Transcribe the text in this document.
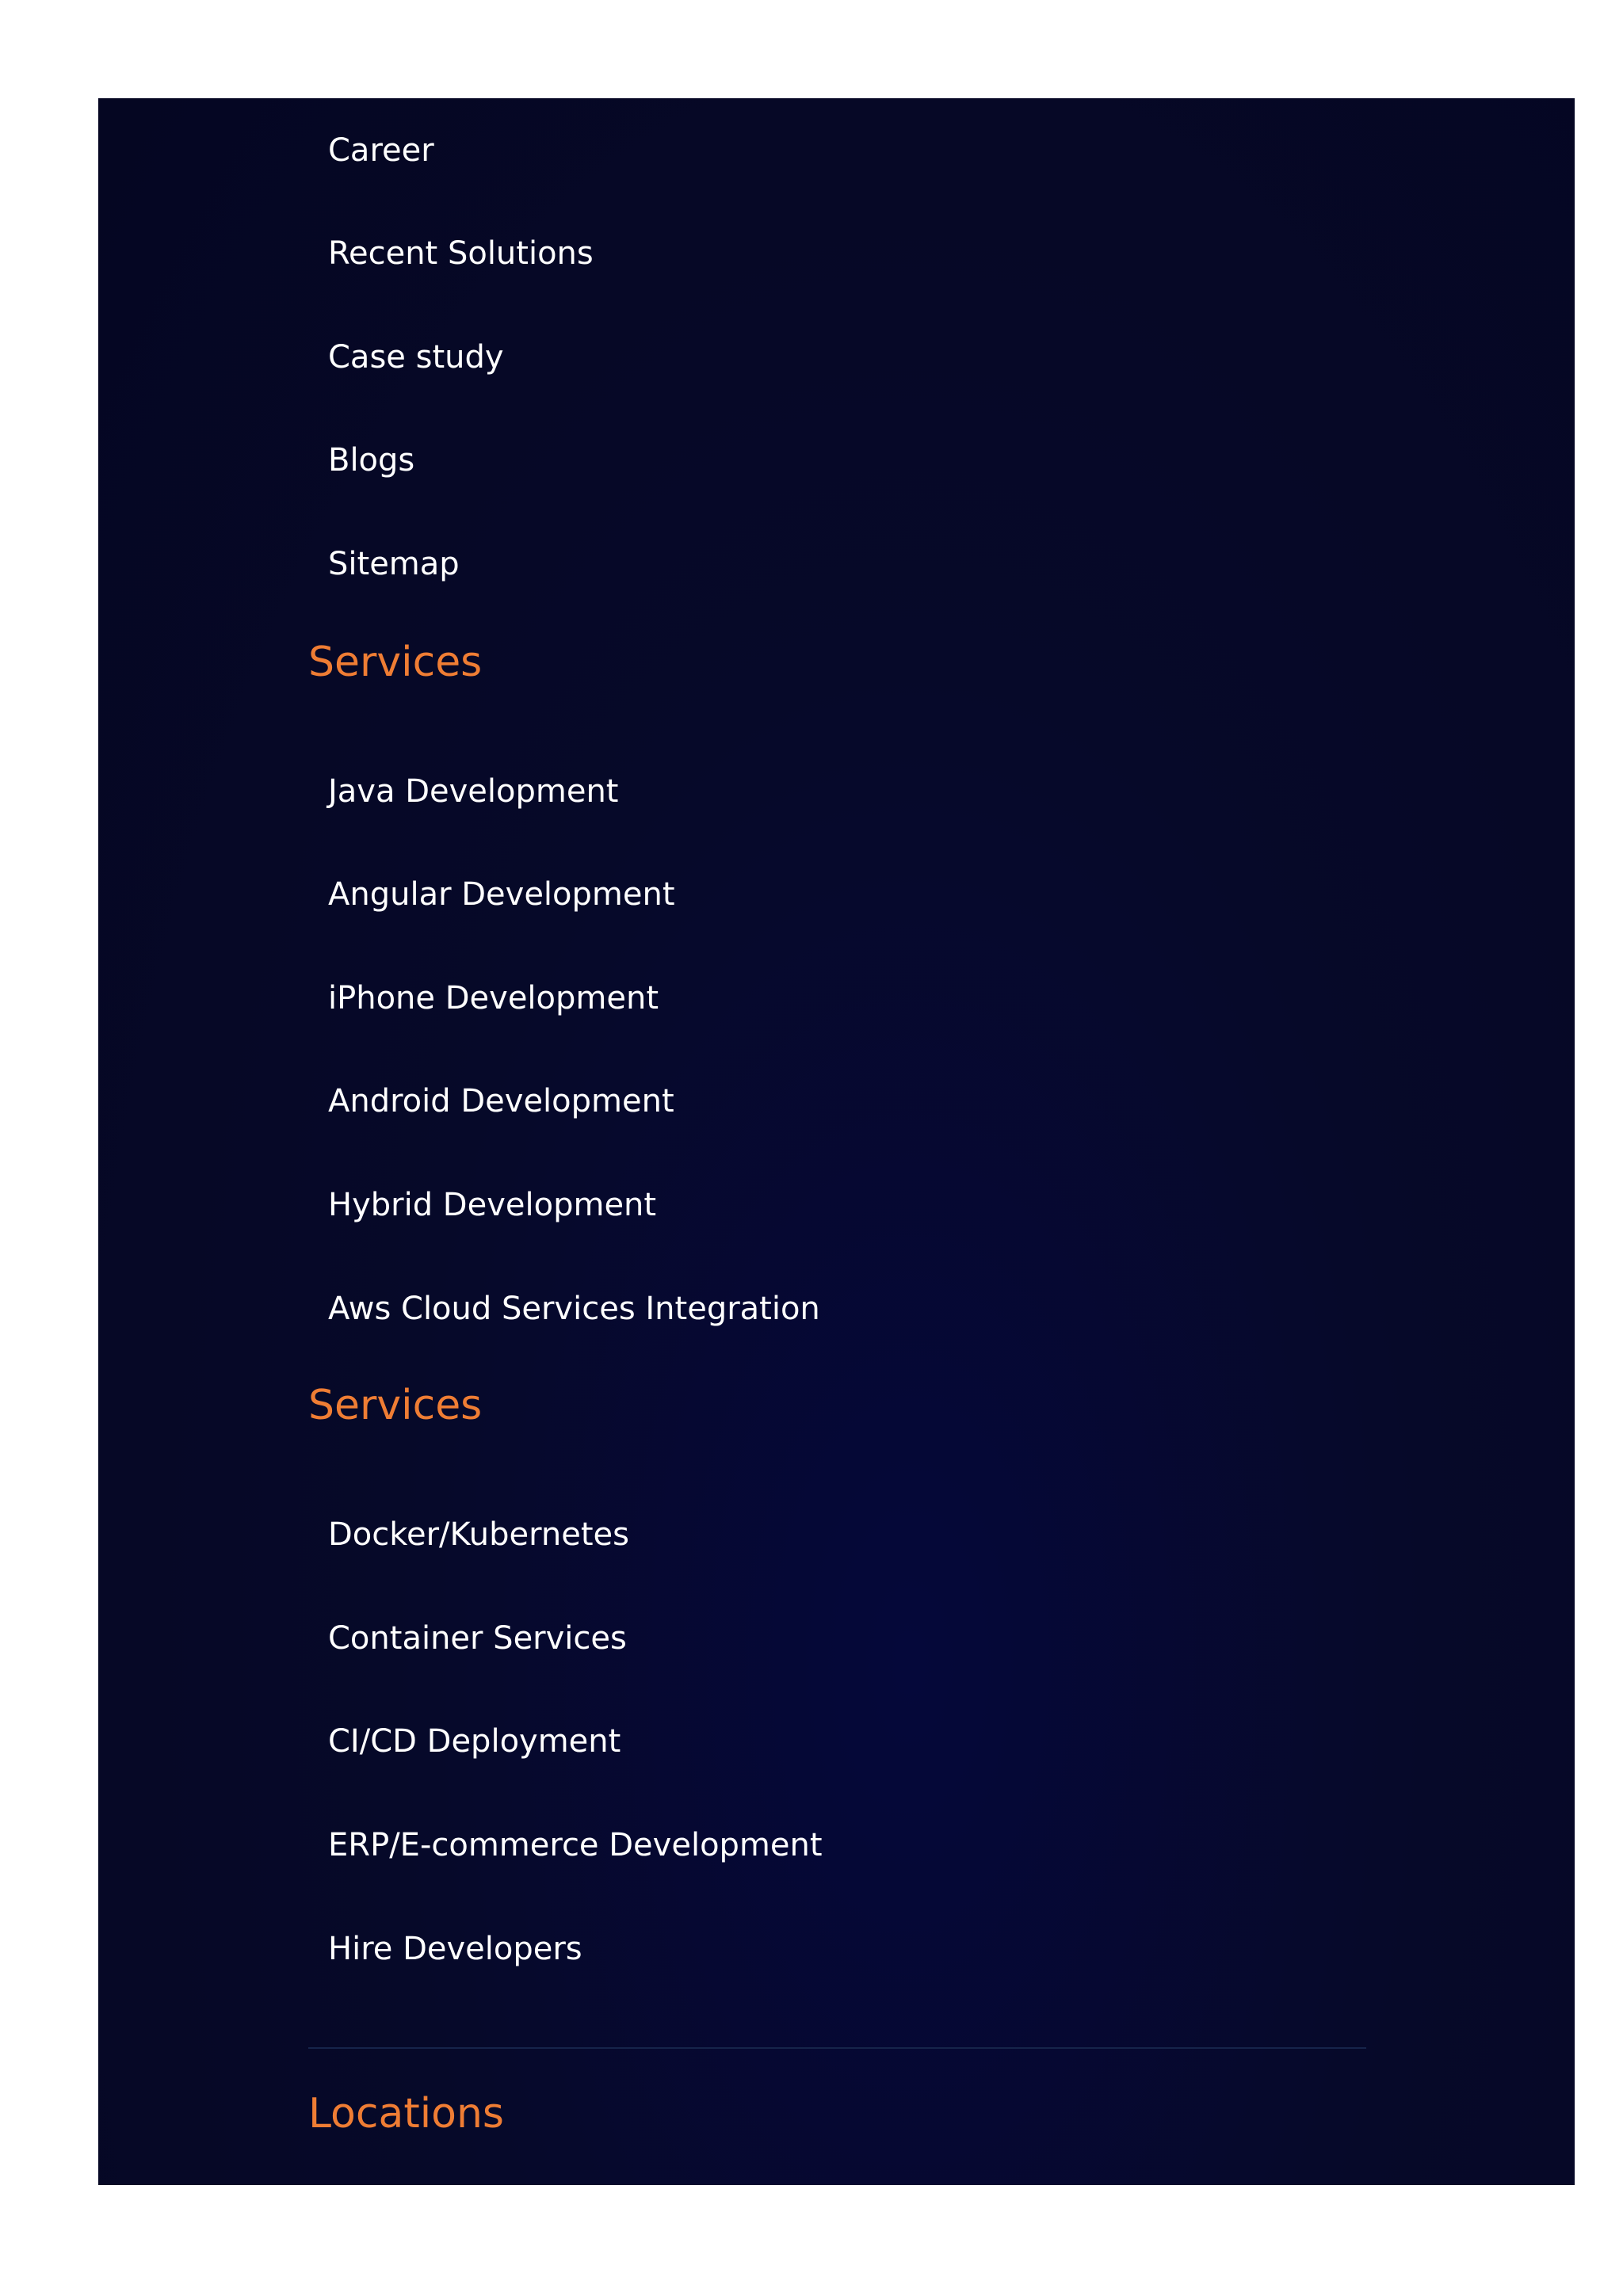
Career
Recent Solutions
Case study
Blogs
Sitemap
Services
Java Development
Angular Development
iPhone Development
Android Development
Hybrid Development
Aws Cloud Services Integration
Services
Docker/Kubernetes
Container Services
CI/CD Deployment
ERP/E-commerce Development
Hire Developers
Locations
